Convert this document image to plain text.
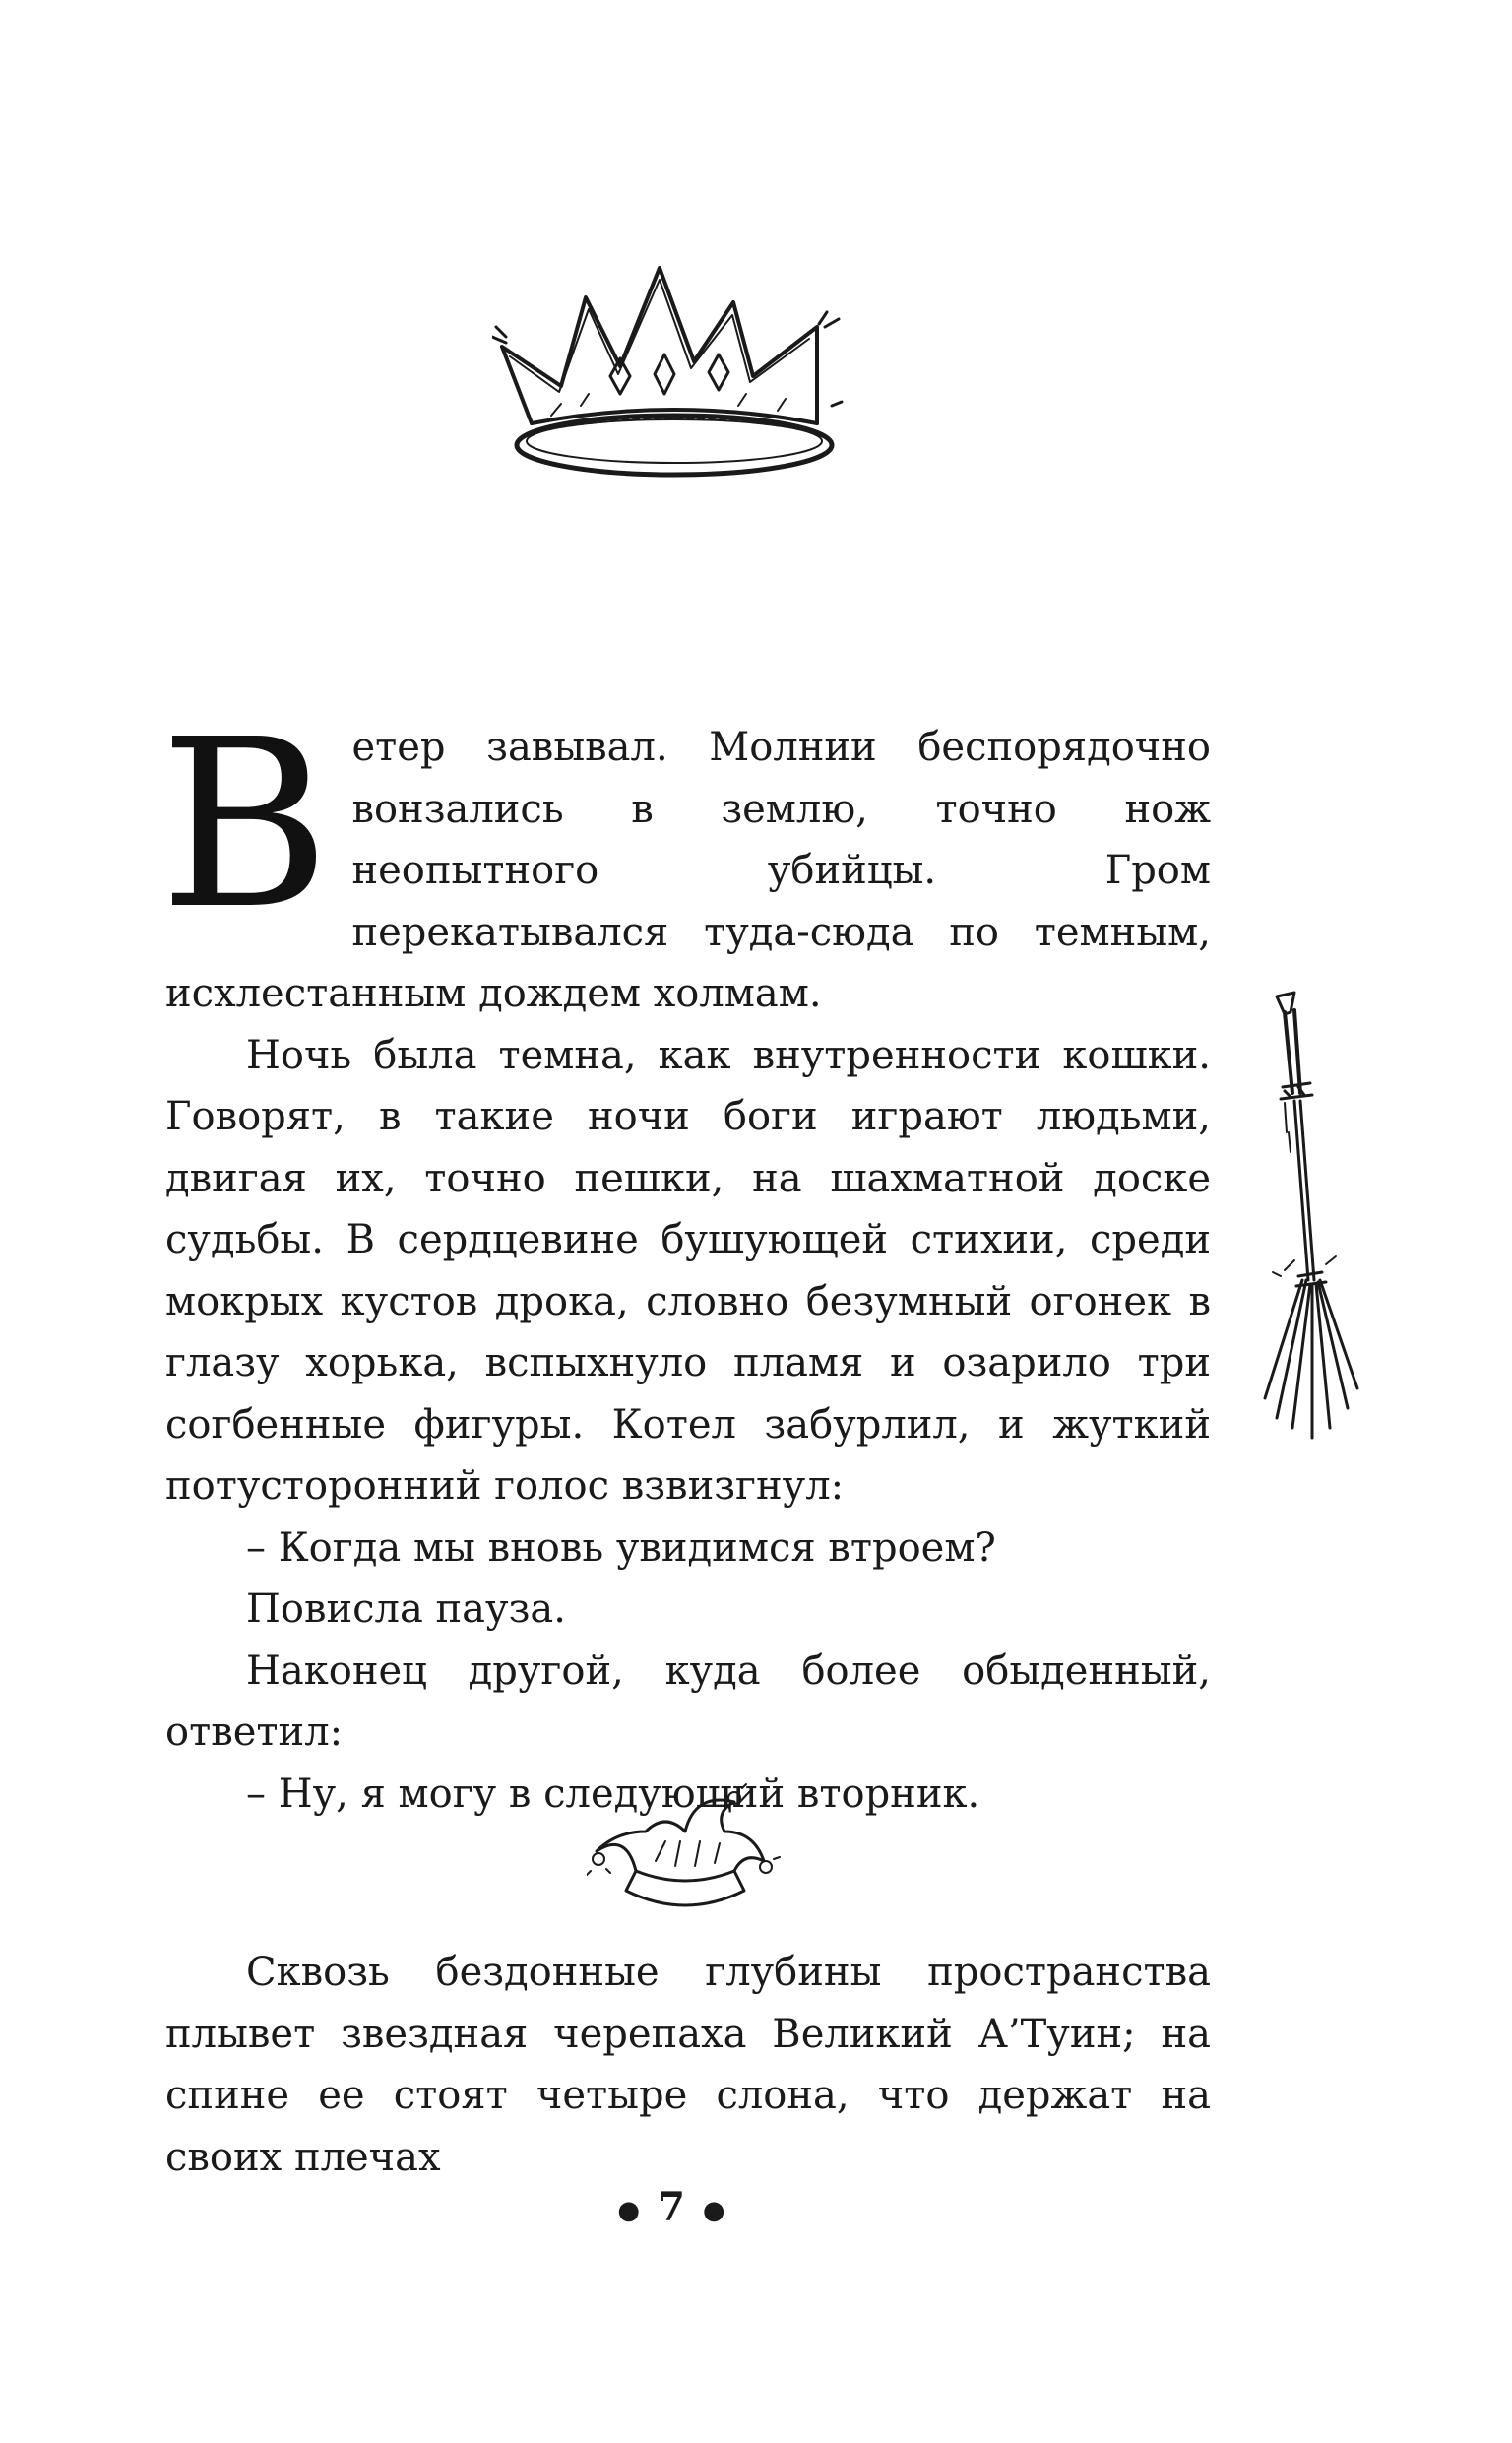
Ветер завывал. Молнии беспорядочно вонзались в землю, точно нож неопытного убийцы. Гром перекатывался туда-сюда по темным, исхлестанным дождем холмам.

Ночь была темна, как внутренности кошки. Говорят, в такие ночи боги играют людьми, двигая их, точно пешки, на шахматной доске судьбы. В сердцевине бушующей стихии, среди мокрых кустов дрока, словно безумный огонек в глазу хорька, вспыхнуло пламя и озарило три согбенные фигуры. Котел забурлил, и жуткий потусторонний голос взвизгнул:

– Когда мы вновь увидимся втроем?

Повисла пауза.

Наконец другой, куда более обыденный, ответил:

– Ну, я могу в следующий вторник.

Сквозь бездонные глубины пространства плывет звездная черепаха Великий А’Туин; на спине ее стоят четыре слона, что держат на своих плечах

● 7 ●
